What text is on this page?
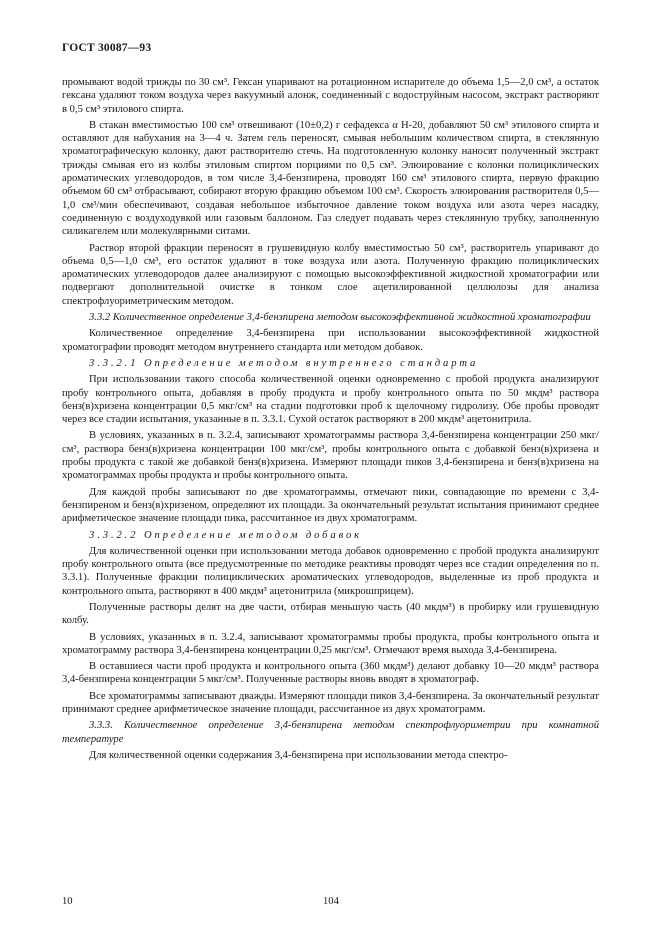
ГОСТ 30087—93

промывают водой трижды по 30 см³. Гексан упаривают на ротационном испарителе до объема 1,5—2,0 см³, а остаток гексана удаляют током воздуха через вакуумный алонж, соединенный с водоструйным насосом, экстракт растворяют в 0,5 см³ этилового спирта.

В стакан вместимостью 100 см³ отвешивают (10±0,2) г сефадекса α Н-20, добавляют 50 см³ этилового спирта и оставляют для набухания на 3—4 ч. Затем гель переносят, смывая небольшим количеством спирта, в стеклянную хроматографическую колонку, дают растворителю стечь. На подготовленную колонку наносят полученный экстракт трижды смывая его из колбы этиловым спиртом порциями по 0,5 см³. Элюирование с колонки полициклических ароматических углеводородов, в том числе 3,4-бензпирена, проводят 160 см³ этилового спирта, первую фракцию объемом 60 см³ отбрасывают, собирают вторую фракцию объемом 100 см³. Скорость элюирования растворителя 0,5—1,0 см³/мин обеспечивают, создавая небольшое избыточное давление током воздуха или азота через насадку, соединенную с воздуходувкой или газовым баллоном. Газ следует подавать через стеклянную трубку, заполненную силикагелем или молекулярными ситами.

Раствор второй фракции переносят в грушевидную колбу вместимостью 50 см³, растворитель упаривают до объема 0,5—1,0 см³, его остаток удаляют в токе воздуха или азота. Полученную фракцию полициклических ароматических углеводородов далее анализируют с помощью высокоэффективной жидкостной хроматографии или подвергают дополнительной очистке в тонком слое ацетилированной целлюлозы для анализа спектрофлуориметрическим методом.

3.3.2 Количественное определение 3,4-бензпирена методом высокоэффективной жидкостной хроматографии

Количественное определение 3,4-бензпирена при использовании высокоэффективной жидкостной хроматографии проводят методом внутреннего стандарта или методом добавок.

3.3.2.1 Определение методом внутреннего стандарта

При использовании такого способа количественной оценки одновременно с пробой продукта анализируют пробу контрольного опыта, добавляя в пробу продукта и пробу контрольного опыта по 50 мкдм³ раствора бенз(в)хризена концентрации 0,5 мкг/см³ на стадии подготовки проб к щелочному гидролизу. Обе пробы проводят через все стадии испытания, указанные в п. 3.3.1. Сухой остаток растворяют в 200 мкдм³ ацетонитрила.

В условиях, указанных в п. 3.2.4, записывают хроматограммы раствора 3,4-бензпирена концентрации 250 мкг/см³, раствора бенз(в)хризена концентрации 100 мкг/см³, пробы контрольного опыта с добавкой бенз(в)хризена и пробы продукта с такой же добавкой бенз(в)хризена. Измеряют площади пиков 3,4-бензпирена и бенз(в)хризена на хроматограммах пробы продукта и пробы контрольного опыта.

Для каждой пробы записывают по две хроматограммы, отмечают пики, совпадающие по времени с 3,4-бензпиреном и бенз(в)хризеном, определяют их площади. За окончательный результат испытания принимают среднее арифметическое значение площади пика, рассчитанное из двух хроматограмм.

3.3.2.2 Определение методом добавок

Для количественной оценки при использовании метода добавок одновременно с пробой продукта анализируют пробу контрольного опыта (все предусмотренные по методике реактивы проводят через все стадии определения по п. 3.3.1). Полученные фракции полициклических ароматических углеводородов, выделенные из проб продукта и контрольного опыта, растворяют в 400 мкдм³ ацетонитрила (микрошприцем).

Полученные растворы делят на две части, отбирая меньшую часть (40 мкдм³) в пробирку или грушевидную колбу.

В условиях, указанных в п. 3.2.4, записывают хроматограммы пробы продукта, пробы контрольного опыта и хроматограмму раствора 3,4-бензпирена концентрации 0,25 мкг/см³. Отмечают время выхода 3,4-бензпирена.

В оставшиеся части проб продукта и контрольного опыта (360 мкдм³) делают добавку 10—20 мкдм³ раствора 3,4-бензпирена концентрации 5 мкг/см³. Полученные растворы вновь вводят в хроматограф.

Все хроматограммы записывают дважды. Измеряют площади пиков 3,4-бензпирена. За окончательный результат принимают среднее арифметическое значение площади, рассчитанное из двух хроматограмм.

3.3.3. Количественное определение 3,4-бензпирена методом спектрофлуориметрии при комнатной температуре

Для количественной оценки содержания 3,4-бензпирена при использовании метода спектро-

10	104
